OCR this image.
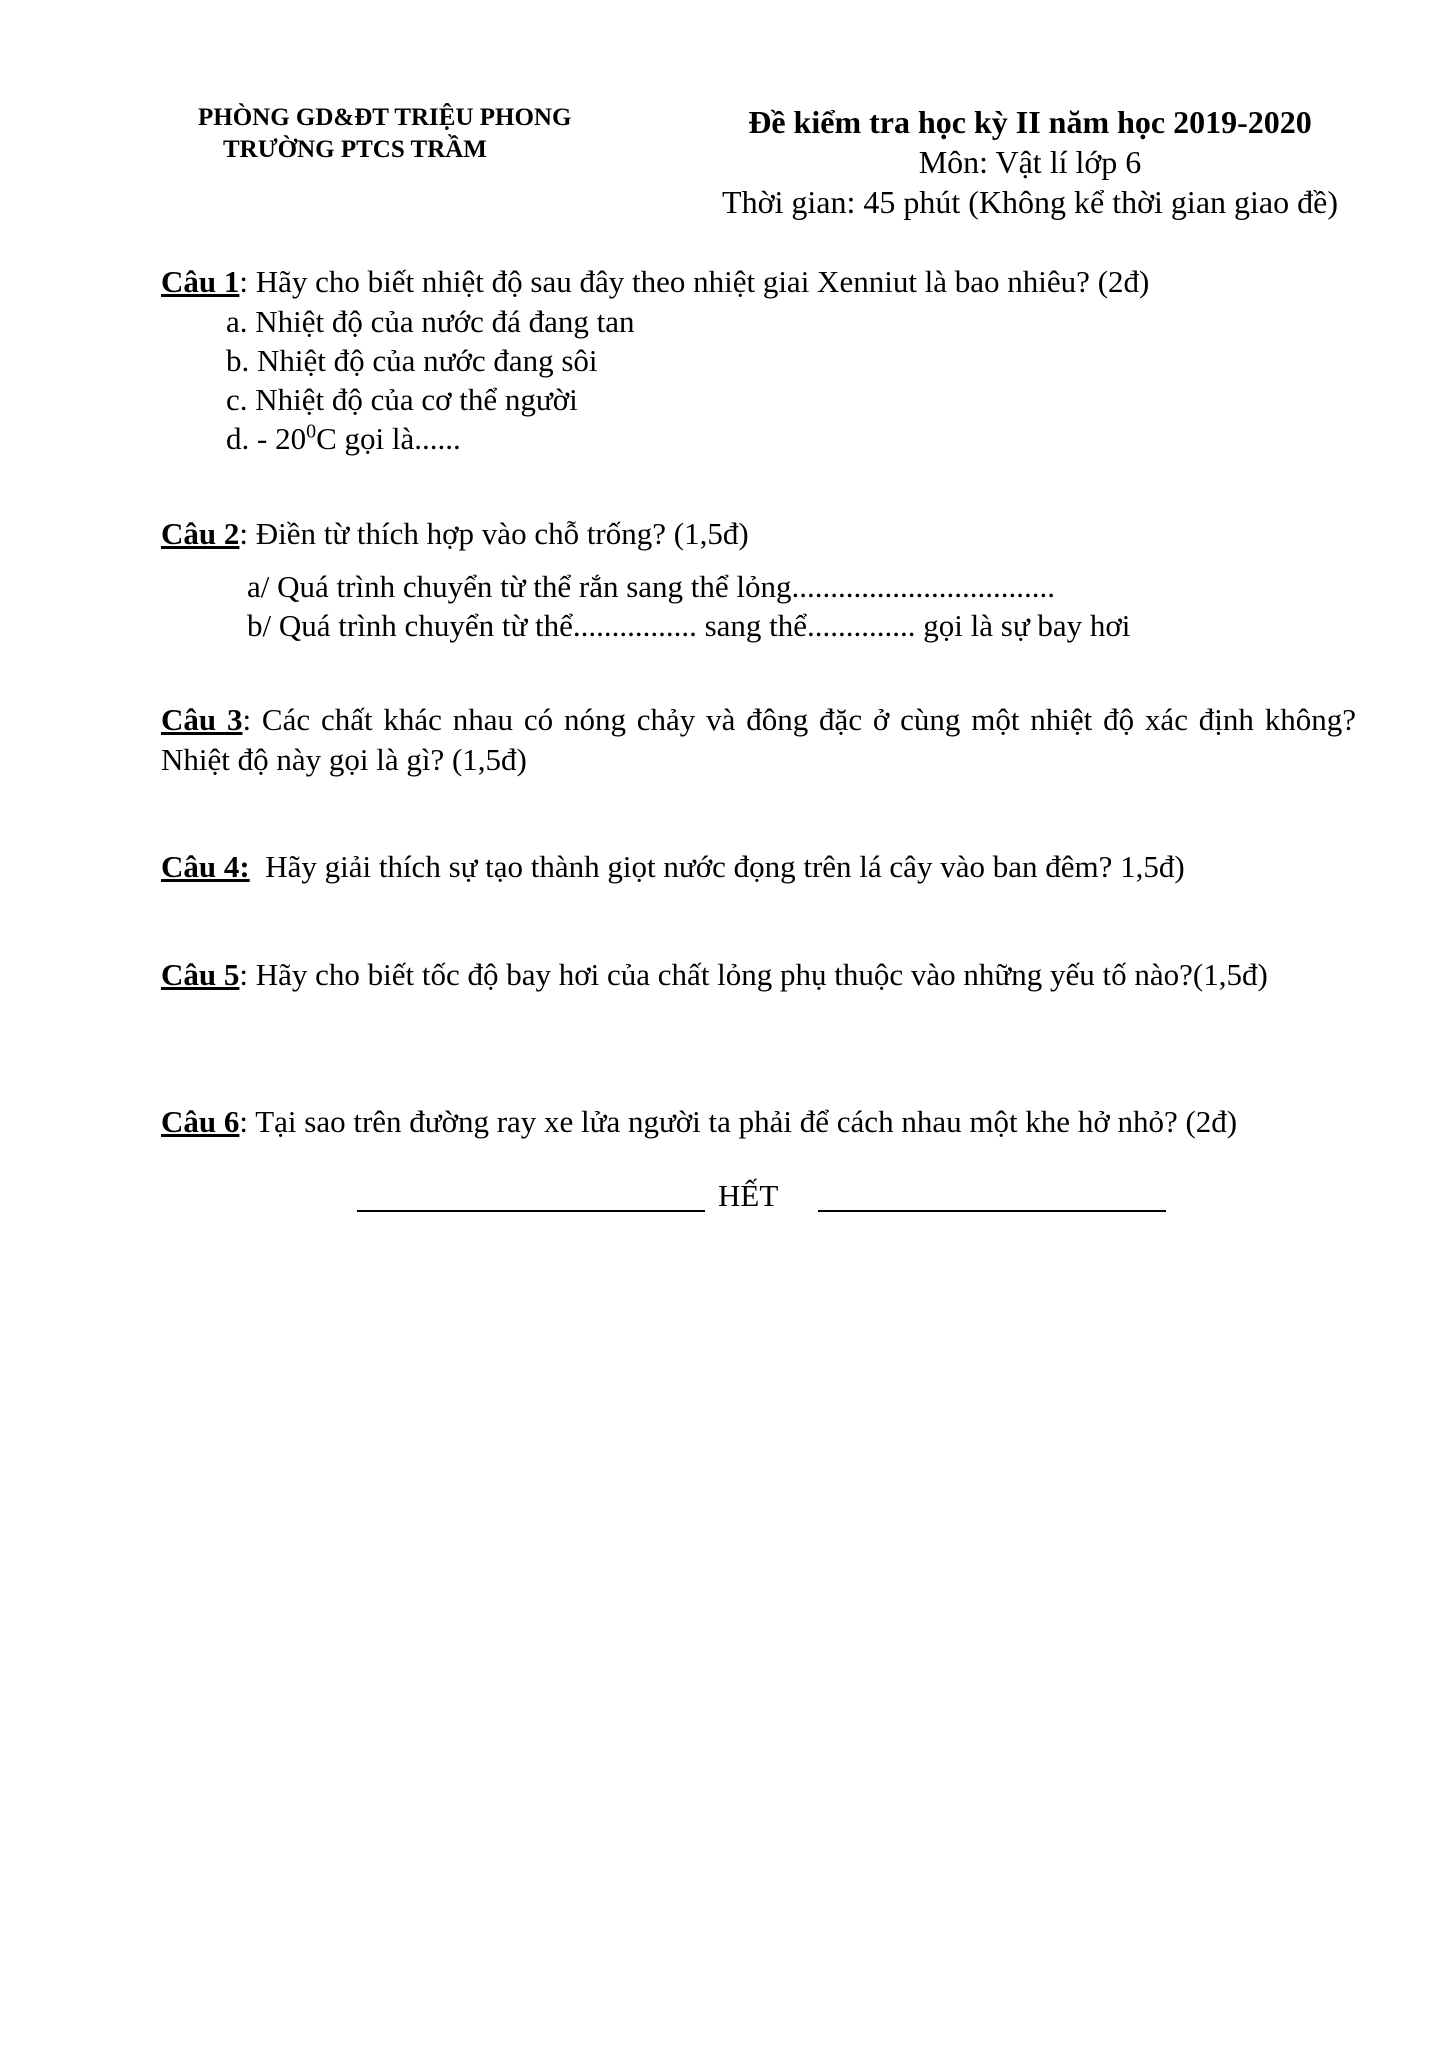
PHÒNG GD&ĐT TRIỆU PHONG
TRƯỜNG PTCS TRẦM
Đề kiểm tra học kỳ II năm học 2019-2020
Môn: Vật lí lớp 6
Thời gian: 45 phút (Không kể thời gian giao đề)
Câu 1: Hãy cho biết nhiệt độ sau đây theo nhiệt giai Xenniut là bao nhiêu? (2đ)
a. Nhiệt độ của nước đá đang tan
b. Nhiệt độ của nước đang sôi
c. Nhiệt độ của cơ thể người
d. - $20^0C$ gọi là......
Câu 2: Điền từ thích hợp vào chỗ trống? (1,5đ)
a/ Quá trình chuyển từ thể rắn sang thể lỏng..................................
b/ Quá trình chuyển từ thể................ sang thể.............. gọi là sự bay hơi
Câu 3: Các chất khác nhau có nóng chảy và đông đặc ở cùng một nhiệt độ xác định không? Nhiệt độ này gọi là gì? (1,5đ)
Câu 4:  Hãy giải thích sự tạo thành giọt nước đọng trên lá cây vào ban đêm? 1,5đ)
Câu 5: Hãy cho biết tốc độ bay hơi của chất lỏng phụ thuộc vào những yếu tố nào?(1,5đ)
Câu 6: Tại sao trên đường ray xe lửa người ta phải để cách nhau một khe hở nhỏ? (2đ)
HẾT
